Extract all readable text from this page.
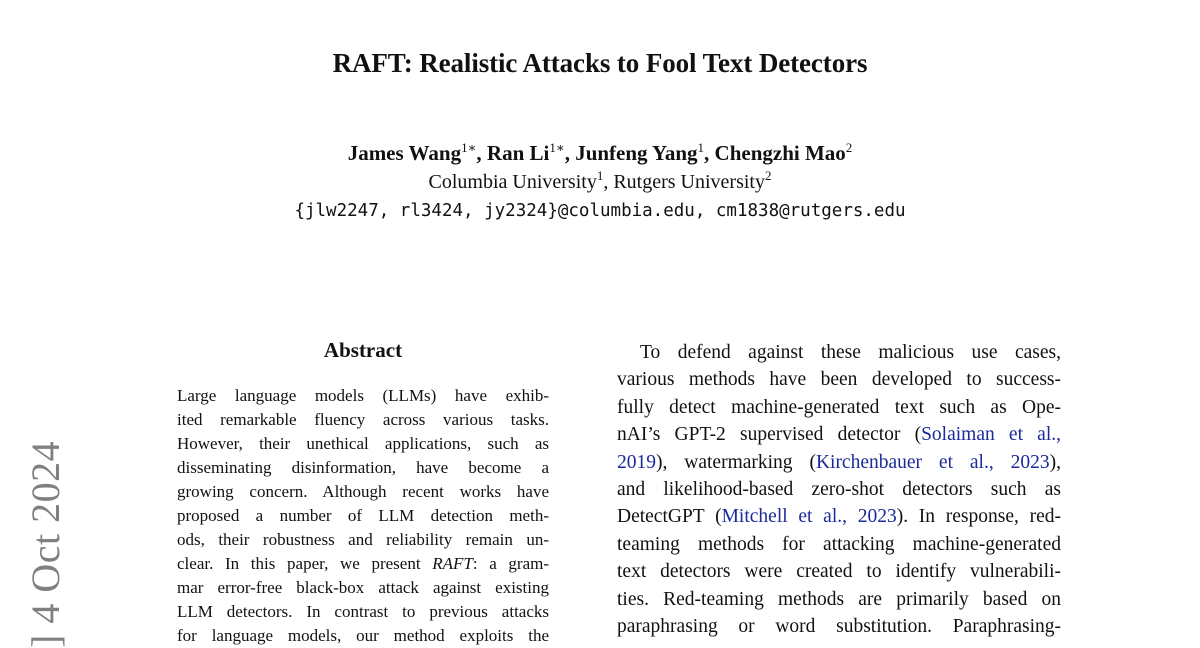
RAFT: Realistic Attacks to Fool Text Detectors
James Wang$^{1∗}$, Ran $Li^{1∗}$, Junfeng Yang$^1$, Chengzhi Mao$^2$
Columbia University$^1$, Rutgers University$^2$
{jlw2247, rl3424, jy2324}@columbia.edu, cm1838@rutgers.edu
Abstract
Large language models (LLMs) have exhib-
ited remarkable fluency across various tasks.
However, their unethical applications, such as
disseminating disinformation, have become a
growing concern. Although recent works have
proposed a number of LLM detection meth-
ods, their robustness and reliability remain un-
clear. In this paper, we present RAFT: a gram-
mar error-free black-box attack against existing
LLM detectors. In contrast to previous attacks
for language models, our method exploits the
To defend against these malicious use cases,
various methods have been developed to success-
fully detect machine-generated text such as Ope-
nAI’s GPT-2 supervised detector (Solaiman et al.,
2019), watermarking (Kirchenbauer et al., 2023),
and likelihood-based zero-shot detectors such as
DetectGPT (Mitchell et al., 2023). In response, red-
teaming methods for attacking machine-generated
text detectors were created to identify vulnerabili-
ties. Red-teaming methods are primarily based on
paraphrasing or word substitution. Paraphrasing-
] 4 Oct 2024
